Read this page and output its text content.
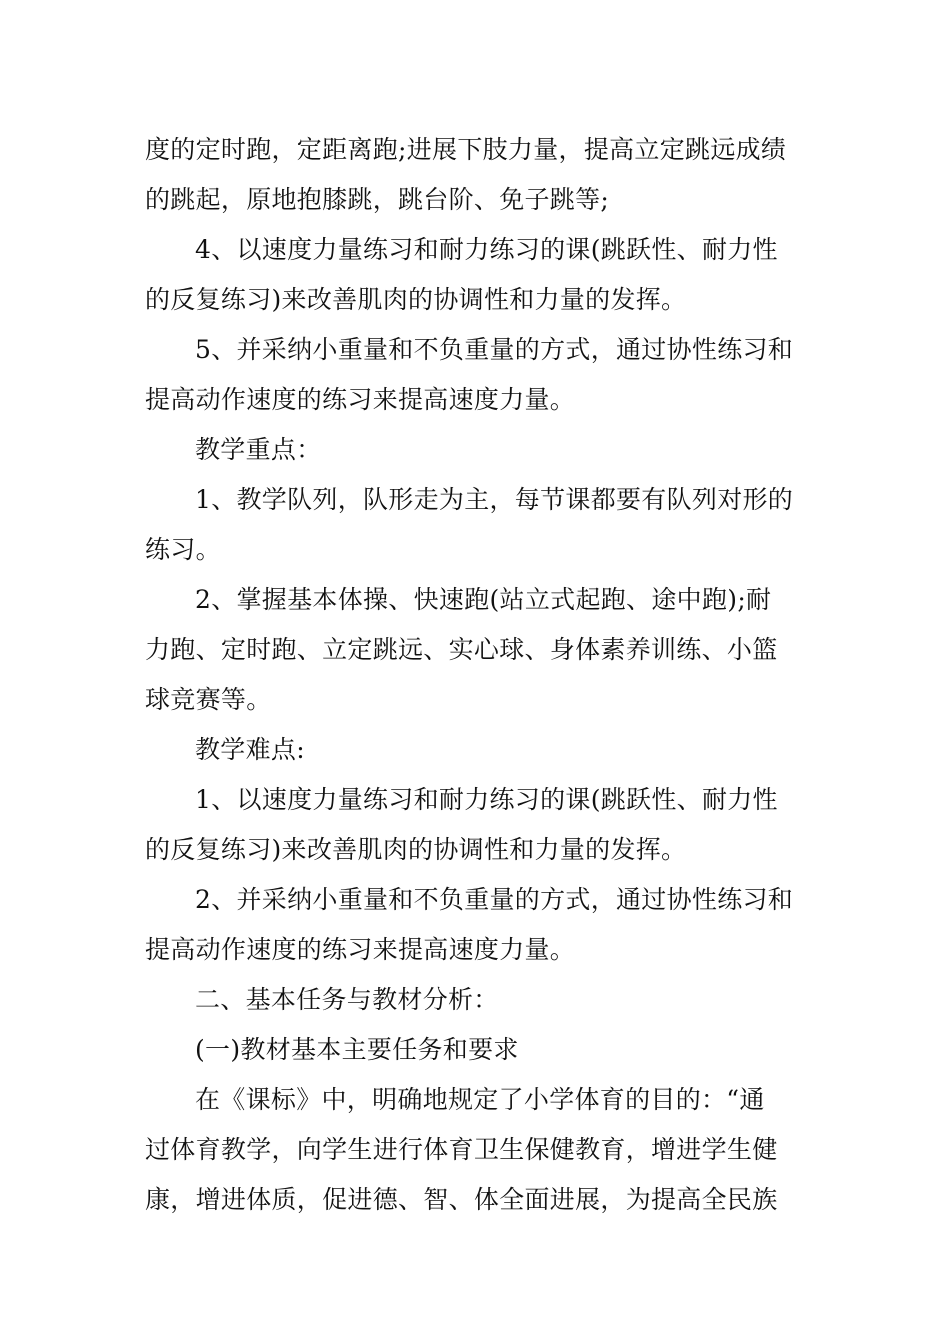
度的定时跑，定距离跑;进展下肢力量，提高立定跳远成绩
的跳起，原地抱膝跳，跳台阶、免子跳等;
4、以速度力量练习和耐力练习的课(跳跃性、耐力性
的反复练习)来改善肌肉的协调性和力量的发挥。
5、并采纳小重量和不负重量的方式，通过协性练习和
提高动作速度的练习来提高速度力量。
教学重点：
1、教学队列，队形走为主，每节课都要有队列对形的
练习。
2、掌握基本体操、快速跑(站立式起跑、途中跑);耐
力跑、定时跑、立定跳远、实心球、身体素养训练、小篮
球竞赛等。
教学难点:
1、以速度力量练习和耐力练习的课(跳跃性、耐力性
的反复练习)来改善肌肉的协调性和力量的发挥。
2、并采纳小重量和不负重量的方式，通过协性练习和
提高动作速度的练习来提高速度力量。
二、基本任务与教材分析：
(一)教材基本主要任务和要求
在《课标》中，明确地规定了小学体育的目的：“通
过体育教学，向学生进行体育卫生保健教育，增进学生健
康，增进体质，促进德、智、体全面进展，为提高全民族
